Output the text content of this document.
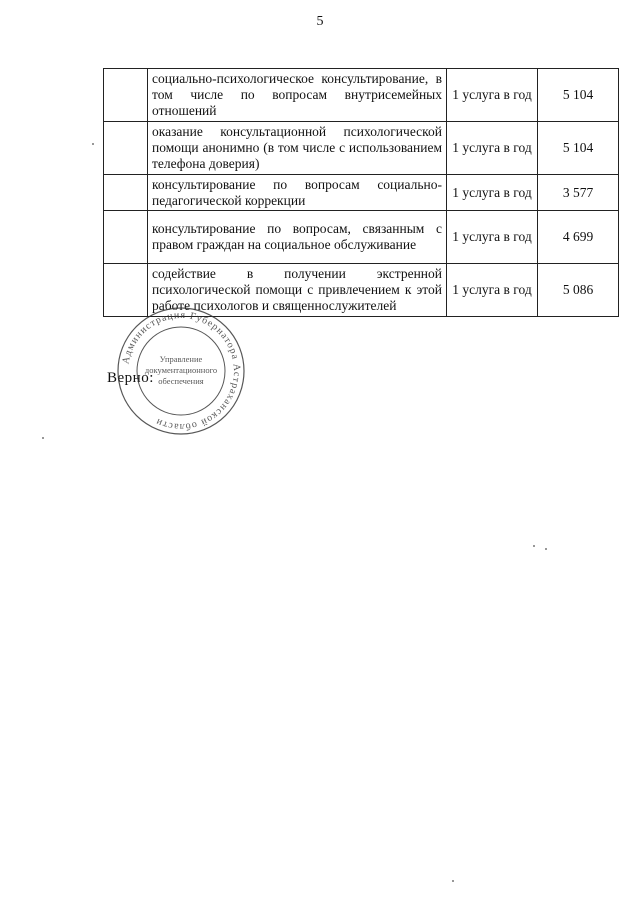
5
	социально-психологическое консультирование, в том числе по вопросам внутрисемейных отношений	1 услуга в год	5 104
	оказание консультационной психологической помощи анонимно (в том числе с использованием телефона доверия)	1 услуга в год	5 104
	консультирование по вопросам социально-педагогической коррекции	1 услуга в год	3 577
	консультирование по вопросам, связанным с правом граждан на социальное обслуживание	1 услуга в год	4 699
	содействие в получении экстренной психологической помощи с привлечением к этой работе психологов и священнослужителей	1 услуга в год	5 086
Верно:
Администрация Губернатора Астраханской области
Управление
документационного
обеспечения
